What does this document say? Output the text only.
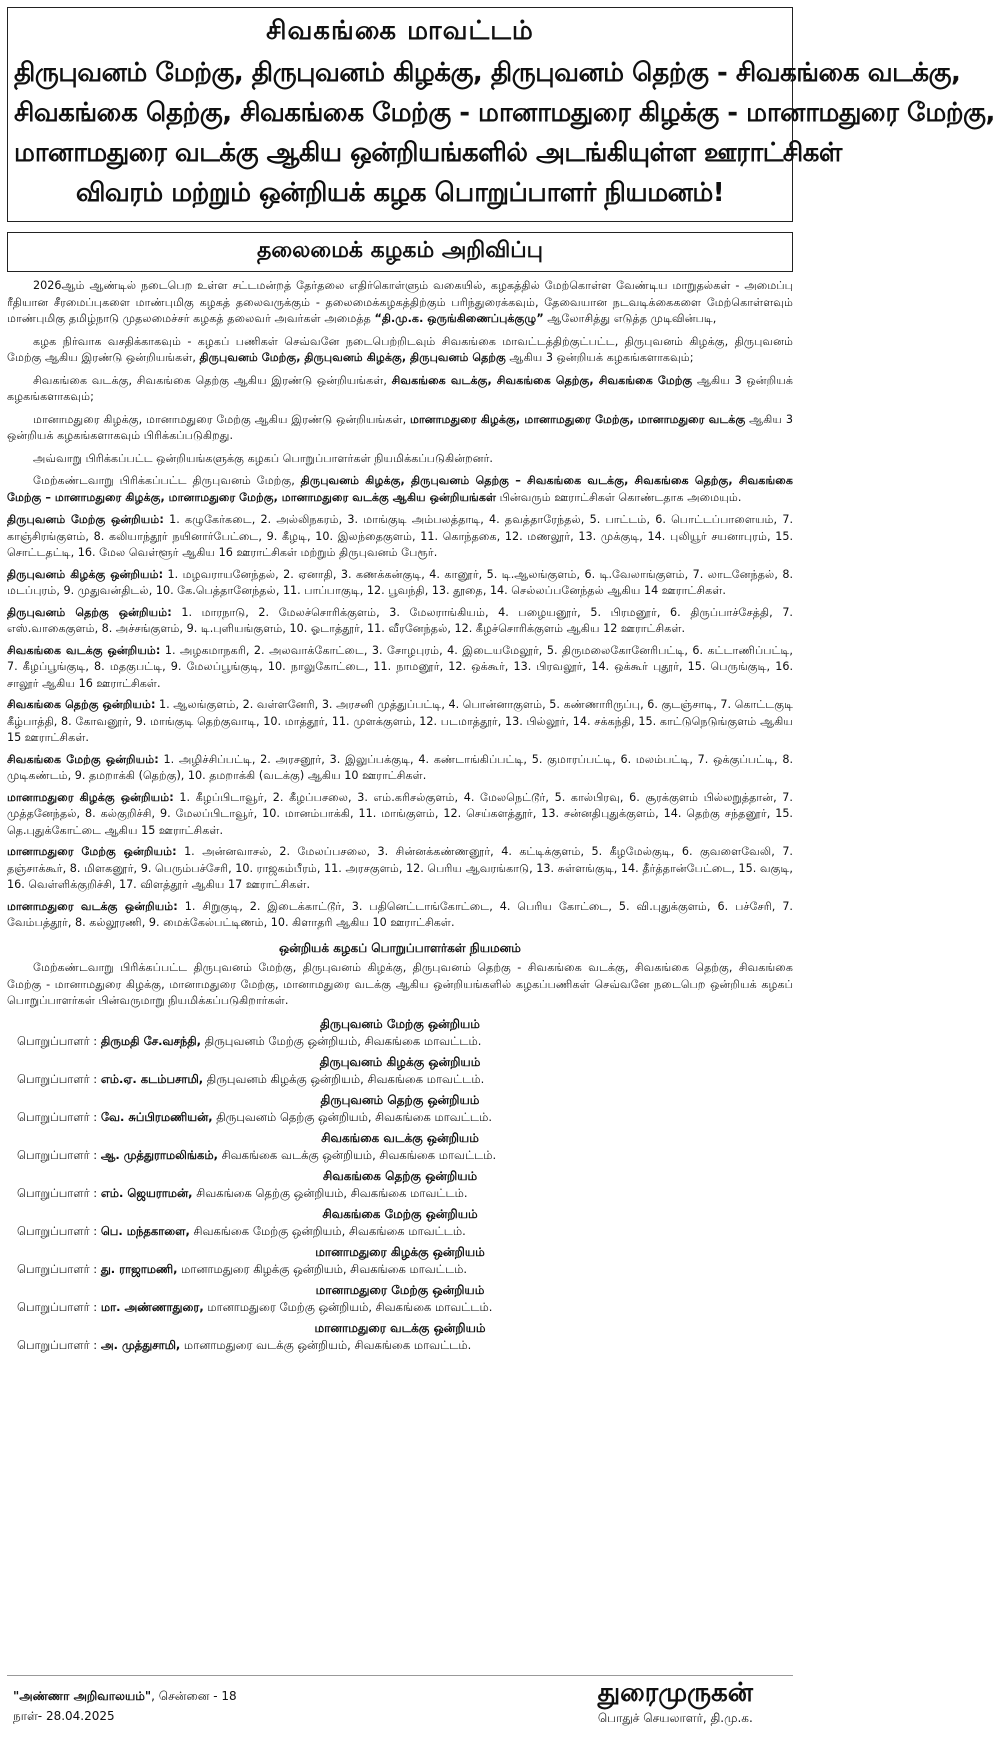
சிவகங்கை மாவட்டம்
திருபுவனம் மேற்கு, திருபுவனம் கிழக்கு, திருபுவனம் தெற்கு - சிவகங்கை வடக்கு,
சிவகங்கை தெற்கு, சிவகங்கை மேற்கு - மானாமதுரை கிழக்கு - மானாமதுரை மேற்கு,
மானாமதுரை வடக்கு ஆகிய ஒன்றியங்களில் அடங்கியுள்ள ஊராட்சிகள்
விவரம் மற்றும் ஒன்றியக் கழக பொறுப்பாளர் நியமனம்!
தலைமைக் கழகம் அறிவிப்பு

2026ஆம் ஆண்டில் நடைபெற உள்ள சட்டமன்றத் தேர்தலை எதிர்கொள்ளும் வகையில், கழகத்தில் மேற்கொள்ள வேண்டிய மாறுதல்கள் - அமைப்பு ரீதியான சீரமைப்புகளை மாண்புமிகு கழகத் தலைவருக்கும் - தலைமைக்கழகத்திற்கும் பரிந்துரைக்கவும், தேவையான நடவடிக்கைகளை மேற்கொள்ளவும் மாண்புமிகு தமிழ்நாடு முதலமைச்சர் கழகத் தலைவர் அவர்கள் அமைத்த “தி.மு.க. ஒருங்கிணைப்புக்குழு” ஆலோசித்து எடுத்த முடிவின்படி,

கழக நிர்வாக வசதிக்காகவும் - கழகப் பணிகள் செவ்வனே நடைபெற்றிடவும் சிவகங்கை மாவட்டத்திற்குட்பட்ட, திருபுவனம் கிழக்கு, திருபுவனம் மேற்கு ஆகிய இரண்டு ஒன்றியங்கள், திருபுவனம் மேற்கு, திருபுவனம் கிழக்கு, திருபுவனம் தெற்கு ஆகிய 3 ஒன்றியக் கழகங்களாகவும்;

சிவகங்கை வடக்கு, சிவகங்கை தெற்கு ஆகிய இரண்டு ஒன்றியங்கள், சிவகங்கை வடக்கு, சிவகங்கை தெற்கு, சிவகங்கை மேற்கு ஆகிய 3 ஒன்றியக் கழகங்களாகவும்;

மானாமதுரை கிழக்கு, மானாமதுரை மேற்கு ஆகிய இரண்டு ஒன்றியங்கள், மானாமதுரை கிழக்கு, மானாமதுரை மேற்கு, மானாமதுரை வடக்கு ஆகிய 3 ஒன்றியக் கழகங்களாகவும் பிரிக்கப்படுகிறது.

அவ்வாறு பிரிக்கப்பட்ட ஒன்றியங்களுக்கு கழகப் பொறுப்பாளர்கள் நியமிக்கப்படுகின்றனர்.

மேற்கண்டவாறு பிரிக்கப்பட்ட திருபுவனம் மேற்கு, திருபுவனம் கிழக்கு, திருபுவனம் தெற்கு – சிவகங்கை வடக்கு, சிவகங்கை தெற்கு, சிவகங்கை மேற்கு – மானாமதுரை கிழக்கு, மானாமதுரை மேற்கு, மானாமதுரை வடக்கு ஆகிய ஒன்றியங்கள் பின்வரும் ஊராட்சிகள் கொண்டதாக அமையும்.

திருபுவனம் மேற்கு ஒன்றியம்: 1. கழுகேர்கடை, 2. அல்லிநகரம், 3. மாங்குடி அம்பலத்தாடி, 4. தவத்தாரேந்தல், 5. பாட்டம், 6. பொட்டப்பாளையம், 7. காஞ்சிரங்குளம், 8. கலியாந்தூர் நயினார்பேட்டை, 9. கீழடி, 10. இலந்தைகுளம், 11. கொந்தகை, 12. மணலூர், 13. முக்குடி, 14. புலியூர் சயனாபுரம், 15. சொட்டதட்டி, 16. மேல வெள்ளூர் ஆகிய 16 ஊராட்சிகள் மற்றும் திருபுவனம் பேரூர்.
திருபுவனம் கிழக்கு ஒன்றியம்: 1. மழவராயனேந்தல், 2. ஏனாதி, 3. கணக்கன்குடி, 4. கானூர், 5. டி.ஆலங்குளம், 6. டி.வேலாங்குளம், 7. லாடனேந்தல், 8. மடப்புரம், 9. முதுவன்திடல், 10. கே.பெத்தானேந்தல், 11. பாப்பாகுடி, 12. பூவந்தி, 13. தூதை, 14. செல்லப்பனேந்தல் ஆகிய 14 ஊராட்சிகள்.
திருபுவனம் தெற்கு ஒன்றியம்: 1. மாரநாடு, 2. மேலச்சொரிக்குளம், 3. மேலராங்கியம், 4. பழையனூர், 5. பிரமனூர், 6. திருப்பாச்சேத்தி, 7. எஸ்.வாகைகுளம், 8. அச்சங்குளம், 9. டி.புளியங்குளம், 10. ஓடாத்தூர், 11. வீரனேந்தல், 12. கீழச்சொரிக்குளம் ஆகிய 12 ஊராட்சிகள்.
சிவகங்கை வடக்கு ஒன்றியம்: 1. அழகமாநகரி, 2. அலவாக்கோட்டை, 3. சோழபுரம், 4. இடையமேலூர், 5. திருமலைகோனேரிபட்டி, 6. கட்டாணிப்பட்டி, 7. கீழப்பூங்குடி, 8. மதகுபட்டி, 9. மேலப்பூங்குடி, 10. நாலுகோட்டை, 11. நாமனூர், 12. ஒக்கூர், 13. பிரவலூர், 14. ஒக்கூர் புதூர், 15. பெருங்குடி, 16. சாலூர் ஆகிய 16 ஊராட்சிகள்.
சிவகங்கை தெற்கு ஒன்றியம்: 1. ஆலங்குளம், 2. வள்ளனேரி, 3. அரசனி முத்துப்பட்டி, 4. பொன்னாகுளம், 5. கண்ணாரிருப்பு, 6. குடஞ்சாடி, 7. கொட்டகுடி கீழ்பாத்தி, 8. கோவனூர், 9. மாங்குடி தெற்குவாடி, 10. மாத்தூர், 11. முளக்குளம், 12. படமாத்தூர், 13. பில்லூர், 14. சக்கந்தி, 15. காட்டுநெடுங்குளம் ஆகிய 15 ஊராட்சிகள்.
சிவகங்கை மேற்கு ஒன்றியம்: 1. அழிச்சிப்பட்டி, 2. அரசனூர், 3. இலுப்பக்குடி, 4. கண்டாங்கிப்பட்டி, 5. குமாரப்பட்டி, 6. மலம்பட்டி, 7. ஒக்குப்பட்டி, 8. முடிகண்டம், 9. தமறாக்கி (தெற்கு), 10. தமறாக்கி (வடக்கு) ஆகிய 10 ஊராட்சிகள்.
மானாமதுரை கிழக்கு ஒன்றியம்: 1. கீழப்பிடாவூர், 2. கீழப்பசலை, 3. எம்.கரிசல்குளம், 4. மேலநெட்டூர், 5. கால்பிரவு, 6. சூரக்குளம் பில்லறுத்தான், 7. முத்தனேந்தல், 8. கல்குறிச்சி, 9. மேலப்பிடாவூர், 10. மானம்பாக்கி, 11. மாங்குளம், 12. செய்களத்தூர், 13. சன்னதிபுதுக்குளம், 14. தெற்கு சந்தனூர், 15. தெ.புதுக்கோட்டை ஆகிய 15 ஊராட்சிகள்.
மானாமதுரை மேற்கு ஒன்றியம்: 1. அன்னவாசல், 2. மேலப்பசலை, 3. சின்னக்கண்ணனூர், 4. கட்டிக்குளம், 5. கீழமேல்குடி, 6. குவளைவேலி, 7. தஞ்சாக்கூர், 8. மிளகனூர், 9. பெரும்பச்சேரி, 10. ராஜகம்பீரம், 11. அரசகுளம், 12. பெரிய ஆவரங்காடு, 13. சுள்ளங்குடி, 14. தீர்த்தான்பேட்டை, 15. வகுடி, 16. வெள்ளிக்குறிச்சி, 17. விளத்தூர் ஆகிய 17 ஊராட்சிகள்.
மானாமதுரை வடக்கு ஒன்றியம்: 1. சிறுகுடி, 2. இடைக்காட்டூர், 3. பதினெட்டாங்கோட்டை, 4. பெரிய கோட்டை, 5. வி.புதுக்குளம், 6. பச்சேரி, 7. வேம்பத்தூர், 8. கல்லூரணி, 9. மைக்கேல்பட்டிணம், 10. கிளாதரி ஆகிய 10 ஊராட்சிகள்.
ஒன்றியக் கழகப் பொறுப்பாளர்கள் நியமனம்

மேற்கண்டவாறு பிரிக்கப்பட்ட திருபுவனம் மேற்கு, திருபுவனம் கிழக்கு, திருபுவனம் தெற்கு - சிவகங்கை வடக்கு, சிவகங்கை தெற்கு, சிவகங்கை மேற்கு - மானாமதுரை கிழக்கு, மானாமதுரை மேற்கு, மானாமதுரை வடக்கு ஆகிய ஒன்றியங்களில் கழகப்பணிகள் செவ்வனே நடைபெற ஒன்றியக் கழகப் பொறுப்பாளர்கள் பின்வருமாறு நியமிக்கப்படுகிறார்கள்.

திருபுவனம் மேற்கு ஒன்றியம்
பொறுப்பாளர் : திருமதி சே.வசந்தி, திருபுவனம் மேற்கு ஒன்றியம், சிவகங்கை மாவட்டம்.
திருபுவனம் கிழக்கு ஒன்றியம்
பொறுப்பாளர் : எம்.ஏ. கடம்பசாமி, திருபுவனம் கிழக்கு ஒன்றியம், சிவகங்கை மாவட்டம்.
திருபுவனம் தெற்கு ஒன்றியம்
பொறுப்பாளர் : வே. சுப்பிரமணியன், திருபுவனம் தெற்கு ஒன்றியம், சிவகங்கை மாவட்டம்.
சிவகங்கை வடக்கு ஒன்றியம்
பொறுப்பாளர் : ஆ. முத்துராமலிங்கம், சிவகங்கை வடக்கு ஒன்றியம், சிவகங்கை மாவட்டம்.
சிவகங்கை தெற்கு ஒன்றியம்
பொறுப்பாளர் : எம். ஜெயராமன், சிவகங்கை தெற்கு ஒன்றியம், சிவகங்கை மாவட்டம்.
சிவகங்கை மேற்கு ஒன்றியம்
பொறுப்பாளர் : பெ. மந்தகாளை, சிவகங்கை மேற்கு ஒன்றியம், சிவகங்கை மாவட்டம்.
மானாமதுரை கிழக்கு ஒன்றியம்
பொறுப்பாளர் : து. ராஜாமணி, மானாமதுரை கிழக்கு ஒன்றியம், சிவகங்கை மாவட்டம்.
மானாமதுரை மேற்கு ஒன்றியம்
பொறுப்பாளர் : மா. அண்ணாதுரை, மானாமதுரை மேற்கு ஒன்றியம், சிவகங்கை மாவட்டம்.
மானாமதுரை வடக்கு ஒன்றியம்
பொறுப்பாளர் : அ. முத்துசாமி, மானாமதுரை வடக்கு ஒன்றியம், சிவகங்கை மாவட்டம்.
"அண்ணா அறிவாலயம்", சென்னை - 18
நாள்- 28.04.2025
துரைமுருகன்
பொதுச் செயலாளர், தி.மு.க.
